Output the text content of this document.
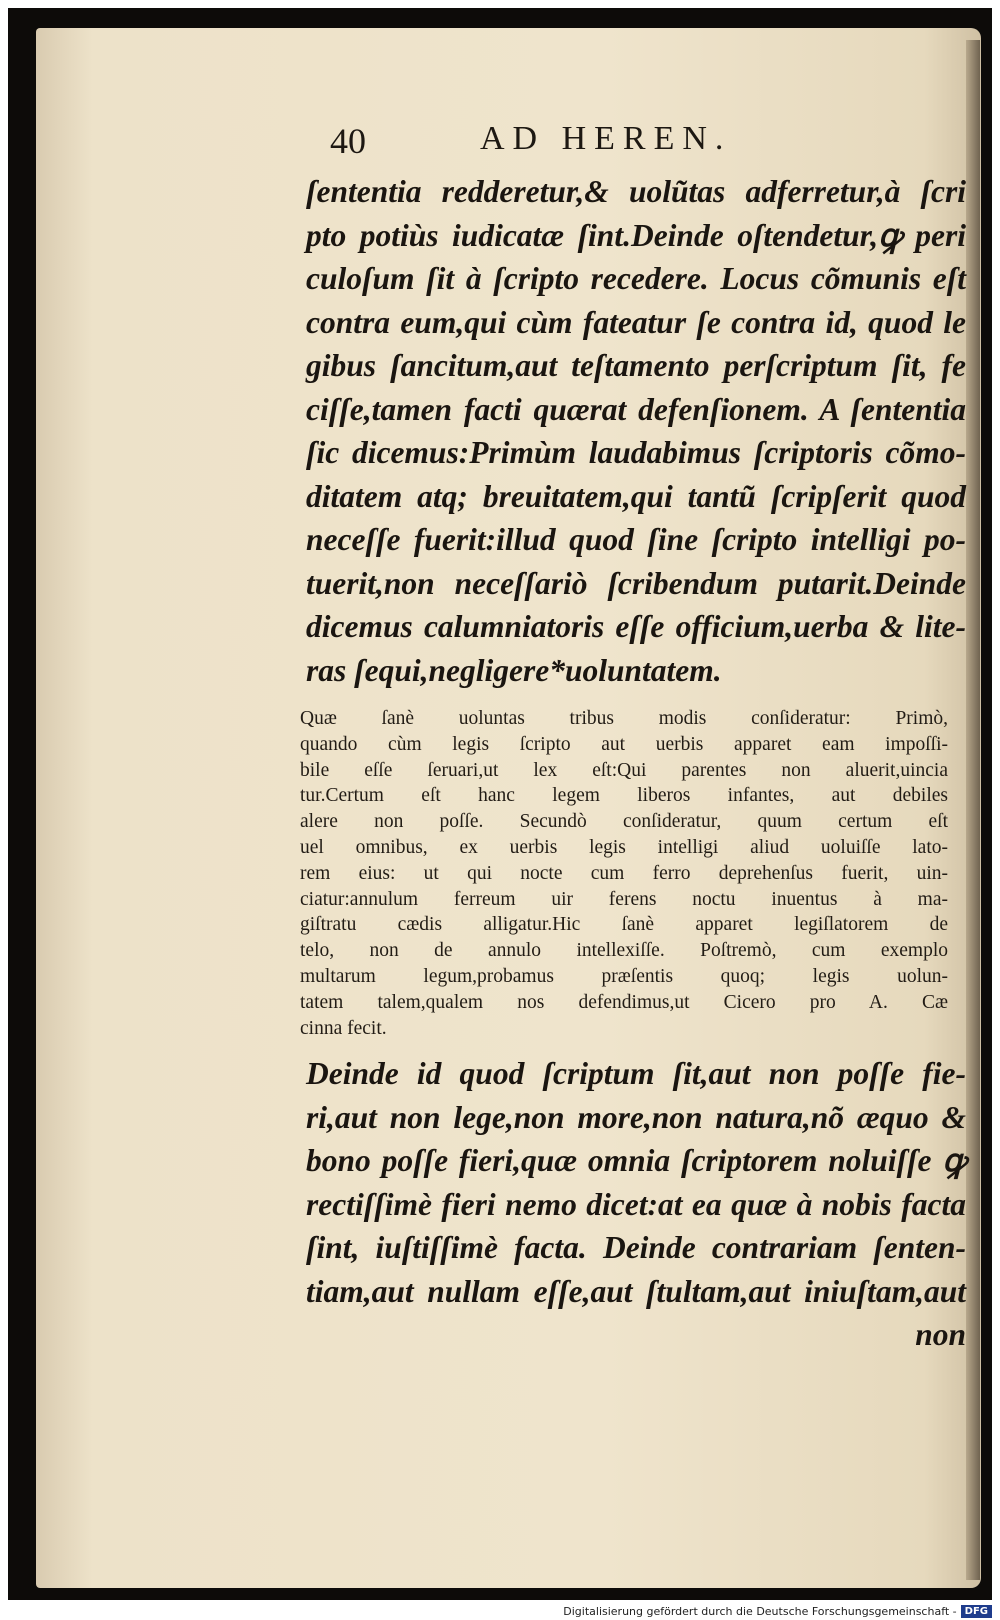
40	AD HEREN.
ſententia redderetur,& uolũtas adferretur,à ſcri
pto potiùs iudicatæ ſint.Deinde oſtendetur,ꝙ peri
culoſum ſit à ſcripto recedere. Locus cõmunis eſt
contra eum,qui cùm fateatur ſe contra id, quod le
gibus ſancitum,aut teſtamento perſcriptum ſit, fe
ciſſe,tamen facti quærat defenſionem. A ſententia
ſic dicemus:Primùm laudabimus ſcriptoris cõmo-
ditatem atq; breuitatem,qui tantũ ſcripſerit quod
neceſſe fuerit:illud quod ſine ſcripto intelligi po-
tuerit,non neceſſariò ſcribendum putarit.Deinde
dicemus calumniatoris eſſe officium,uerba & lite-
ras ſequi,negligere*uoluntatem.
Quæ ſanè uoluntas tribus modis conſideratur: Primò,
quando cùm legis ſcripto aut uerbis apparet eam impoſſi-
bile eſſe ſeruari,ut lex eſt:Qui parentes non aluerit,uincia
tur.Certum eſt hanc legem liberos infantes, aut debiles
alere non poſſe. Secundò conſideratur, quum certum eſt
uel omnibus, ex uerbis legis intelligi aliud uoluiſſe lato-
rem eius: ut qui nocte cum ferro deprehenſus fuerit, uin-
ciatur:annulum ferreum uir ferens noctu inuentus à ma-
giſtratu cædis alligatur.Hic ſanè apparet legiſlatorem de
telo, non de annulo intellexiſſe. Poſtremò, cum exemplo
multarum legum,probamus præſentis quoq; legis uolun-
tatem talem,qualem nos defendimus,ut Cicero pro A. Cæ
cinna fecit.
Deinde id quod ſcriptum ſit,aut non poſſe fie-
ri,aut non lege,non more,non natura,nõ æquo &
bono poſſe fieri,quæ omnia ſcriptorem noluiſſe ꝙ
rectiſſimè fieri nemo dicet:at ea quæ à nobis facta
ſint, iuſtiſſimè facta. Deinde contrariam ſenten-
tiam,aut nullam eſſe,aut ſtultam,aut iniuſtam,aut
non
Digitalisierung gefördert durch die Deutsche Forschungsgemeinschaft - DFG
